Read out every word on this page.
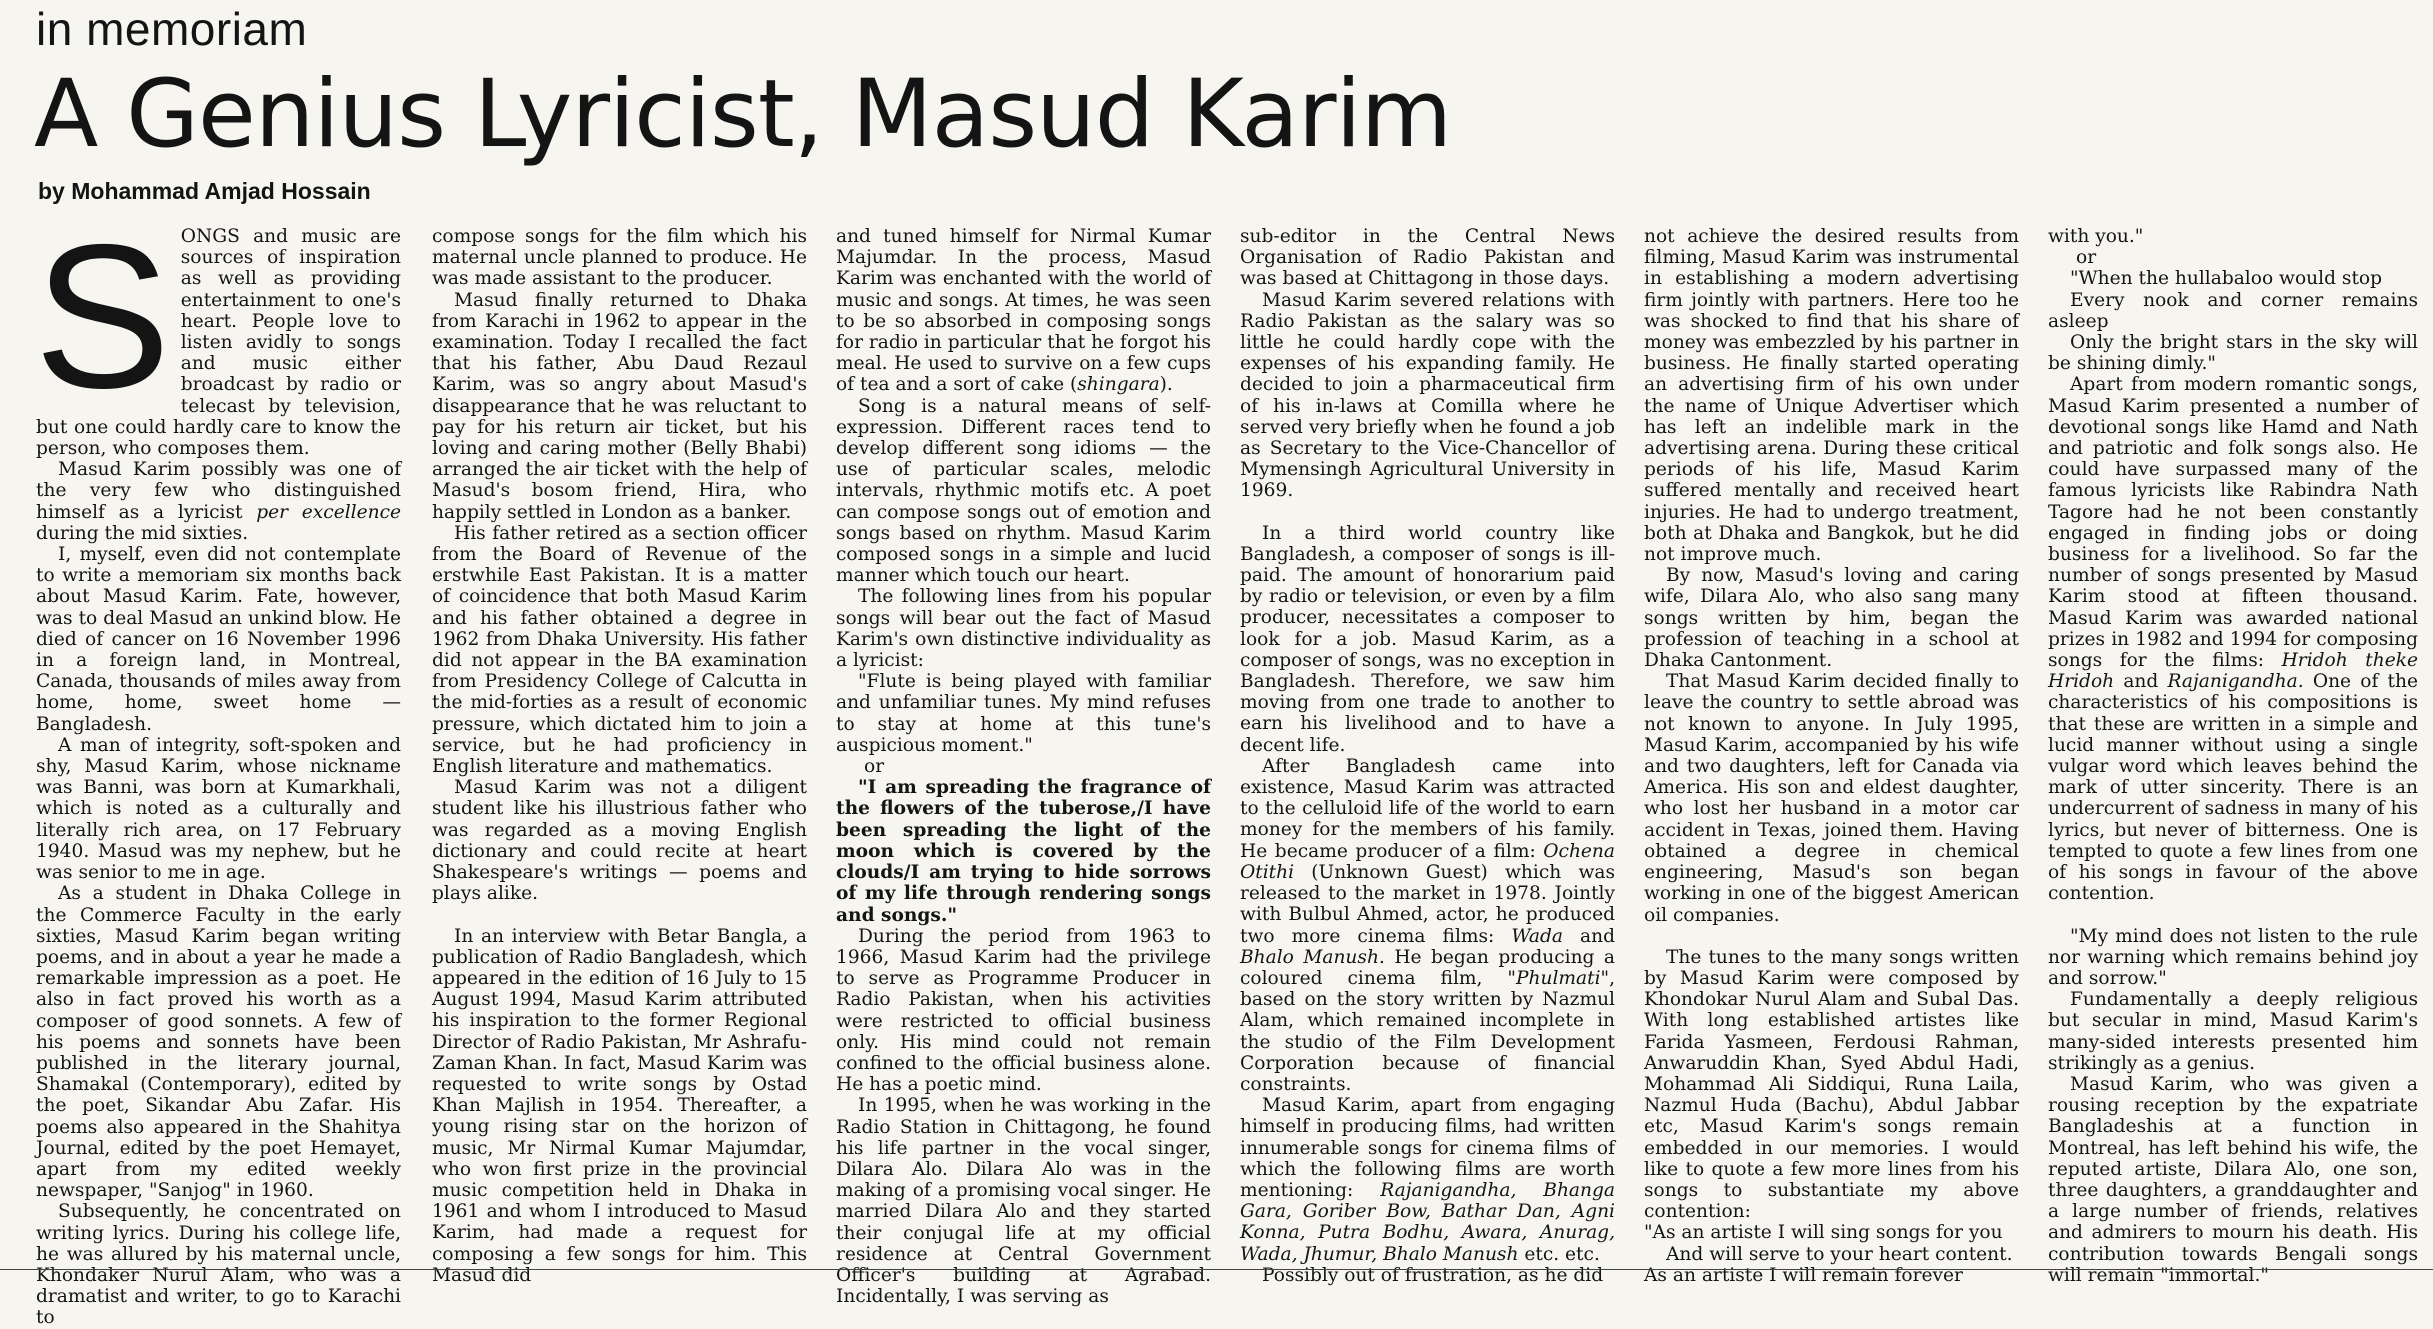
in memoriam
A Genius Lyricist, Masud Karim
by Mohammad Amjad Hossain
S ONGS and music are sources of inspiration as well as providing entertainment to one's heart. People love to listen avidly to songs and music either broadcast by radio or telecast by television, but one could hardly care to know the person, who composes them.

Masud Karim possibly was one of the very few who distinguished himself as a lyricist per excellence during the mid sixties.

I, myself, even did not contemplate to write a memoriam six months back about Masud Karim. Fate, however, was to deal Masud an unkind blow. He died of cancer on 16 November 1996 in a foreign land, in Montreal, Canada, thousands of miles away from home, home, sweet home — Bangladesh.

A man of integrity, soft-spoken and shy, Masud Karim, whose nickname was Banni, was born at Kumarkhali, which is noted as a culturally and literally rich area, on 17 February 1940. Masud was my nephew, but he was senior to me in age.

As a student in Dhaka College in the Commerce Faculty in the early sixties, Masud Karim began writing poems, and in about a year he made a remarkable impression as a poet. He also in fact proved his worth as a composer of good sonnets. A few of his poems and sonnets have been published in the literary journal, Shamakal (Contemporary), edited by the poet, Sikandar Abu Zafar. His poems also appeared in the Shahitya Journal, edited by the poet Hemayet, apart from my edited weekly newspaper, "Sanjog" in 1960.

Subsequently, he concentrated on writing lyrics. During his college life, he was allured by his maternal uncle, Khondaker Nurul Alam, who was a dramatist and writer, to go to Karachi to

compose songs for the film which his maternal uncle planned to produce. He was made assistant to the producer.

Masud finally returned to Dhaka from Karachi in 1962 to appear in the examination. Today I recalled the fact that his father, Abu Daud Rezaul Karim, was so angry about Masud's disappearance that he was reluctant to pay for his return air ticket, but his loving and caring mother (Belly Bhabi) arranged the air ticket with the help of Masud's bosom friend, Hira, who happily settled in London as a banker.

His father retired as a section officer from the Board of Revenue of the erstwhile East Pakistan. It is a matter of coincidence that both Masud Karim and his father obtained a degree in 1962 from Dhaka University. His father did not appear in the BA examination from Presidency College of Calcutta in the mid-forties as a result of economic pressure, which dictated him to join a service, but he had proficiency in English literature and mathematics.

Masud Karim was not a diligent student like his illustrious father who was regarded as a moving English dictionary and could recite at heart Shakespeare's writings — poems and plays alike.

In an interview with Betar Bangla, a publication of Radio Bangladesh, which appeared in the edition of 16 July to 15 August 1994, Masud Karim attributed his inspiration to the former Regional Director of Radio Pakistan, Mr Ashrafu-Zaman Khan. In fact, Masud Karim was requested to write songs by Ostad Khan Majlish in 1954. Thereafter, a young rising star on the horizon of music, Mr Nirmal Kumar Majumdar, who won first prize in the provincial music competition held in Dhaka in 1961 and whom I introduced to Masud Karim, had made a request for composing a few songs for him. This Masud did

and tuned himself for Nirmal Kumar Majumdar. In the process, Masud Karim was enchanted with the world of music and songs. At times, he was seen to be so absorbed in composing songs for radio in particular that he forgot his meal. He used to survive on a few cups of tea and a sort of cake (shingara).

Song is a natural means of self-expression. Different races tend to develop different song idioms — the use of particular scales, melodic intervals, rhythmic motifs etc. A poet can compose songs out of emotion and songs based on rhythm. Masud Karim composed songs in a simple and lucid manner which touch our heart.

The following lines from his popular songs will bear out the fact of Masud Karim's own distinctive individuality as a lyricist:

"Flute is being played with familiar and unfamiliar tunes. My mind refuses to stay at home at this tune's auspicious moment."

or

"I am spreading the fragrance of the flowers of the tuberose,/I have been spreading the light of the moon which is covered by the clouds/I am trying to hide sorrows of my life through rendering songs and songs."

During the period from 1963 to 1966, Masud Karim had the privilege to serve as Programme Producer in Radio Pakistan, when his activities were restricted to official business only. His mind could not remain confined to the official business alone. He has a poetic mind.

In 1995, when he was working in the Radio Station in Chittagong, he found his life partner in the vocal singer, Dilara Alo. Dilara Alo was in the making of a promising vocal singer. He married Dilara Alo and they started their conjugal life at my official residence at Central Government Officer's building at Agrabad. Incidentally, I was serving as

sub-editor in the Central News Organisation of Radio Pakistan and was based at Chittagong in those days.

Masud Karim severed relations with Radio Pakistan as the salary was so little he could hardly cope with the expenses of his expanding family. He decided to join a pharmaceutical firm of his in-laws at Comilla where he served very briefly when he found a job as Secretary to the Vice-Chancellor of Mymensingh Agricultural University in 1969.

In a third world country like Bangladesh, a composer of songs is ill-paid. The amount of honorarium paid by radio or television, or even by a film producer, necessitates a composer to look for a job. Masud Karim, as a composer of songs, was no exception in Bangladesh. Therefore, we saw him moving from one trade to another to earn his livelihood and to have a decent life.

After Bangladesh came into existence, Masud Karim was attracted to the celluloid life of the world to earn money for the members of his family. He became producer of a film: Ochena Otithi (Unknown Guest) which was released to the market in 1978. Jointly with Bulbul Ahmed, actor, he produced two more cinema films: Wada and Bhalo Manush. He began producing a coloured cinema film, "Phulmati", based on the story written by Nazmul Alam, which remained incomplete in the studio of the Film Development Corporation because of financial constraints.

Masud Karim, apart from engaging himself in producing films, had written innumerable songs for cinema films of which the following films are worth mentioning: Rajanigandha, Bhanga Gara, Goriber Bow, Bathar Dan, Agni Konna, Putra Bodhu, Awara, Anurag, Wada, Jhumur, Bhalo Manush etc. etc.

Possibly out of frustration, as he did

not achieve the desired results from filming, Masud Karim was instrumental in establishing a modern advertising firm jointly with partners. Here too he was shocked to find that his share of money was embezzled by his partner in business. He finally started operating an advertising firm of his own under the name of Unique Advertiser which has left an indelible mark in the advertising arena. During these critical periods of his life, Masud Karim suffered mentally and received heart injuries. He had to undergo treatment, both at Dhaka and Bangkok, but he did not improve much.

By now, Masud's loving and caring wife, Dilara Alo, who also sang many songs written by him, began the profession of teaching in a school at Dhaka Cantonment.

That Masud Karim decided finally to leave the country to settle abroad was not known to anyone. In July 1995, Masud Karim, accompanied by his wife and two daughters, left for Canada via America. His son and eldest daughter, who lost her husband in a motor car accident in Texas, joined them. Having obtained a degree in chemical engineering, Masud's son began working in one of the biggest American oil companies.

The tunes to the many songs written by Masud Karim were composed by Khondokar Nurul Alam and Subal Das. With long established artistes like Farida Yasmeen, Ferdousi Rahman, Anwaruddin Khan, Syed Abdul Hadi, Mohammad Ali Siddiqui, Runa Laila, Nazmul Huda (Bachu), Abdul Jabbar etc, Masud Karim's songs remain embedded in our memories. I would like to quote a few more lines from his songs to substantiate my above contention:

"As an artiste I will sing songs for you

And will serve to your heart content.

As an artiste I will remain forever

with you."

or

"When the hullabaloo would stop

Every nook and corner remains asleep

Only the bright stars in the sky will be shining dimly."

Apart from modern romantic songs, Masud Karim presented a number of devotional songs like Hamd and Nath and patriotic and folk songs also. He could have surpassed many of the famous lyricists like Rabindra Nath Tagore had he not been constantly engaged in finding jobs or doing business for a livelihood. So far the number of songs presented by Masud Karim stood at fifteen thousand. Masud Karim was awarded national prizes in 1982 and 1994 for composing songs for the films: Hridoh theke Hridoh and Rajanigandha. One of the characteristics of his compositions is that these are written in a simple and lucid manner without using a single vulgar word which leaves behind the mark of utter sincerity. There is an undercurrent of sadness in many of his lyrics, but never of bitterness. One is tempted to quote a few lines from one of his songs in favour of the above contention.

"My mind does not listen to the rule nor warning which remains behind joy and sorrow."

Fundamentally a deeply religious but secular in mind, Masud Karim's many-sided interests presented him strikingly as a genius.

Masud Karim, who was given a rousing reception by the expatriate Bangladeshis at a function in Montreal, has left behind his wife, the reputed artiste, Dilara Alo, one son, three daughters, a granddaughter and a large number of friends, relatives and admirers to mourn his death. His contribution towards Bengali songs will remain "immortal."
